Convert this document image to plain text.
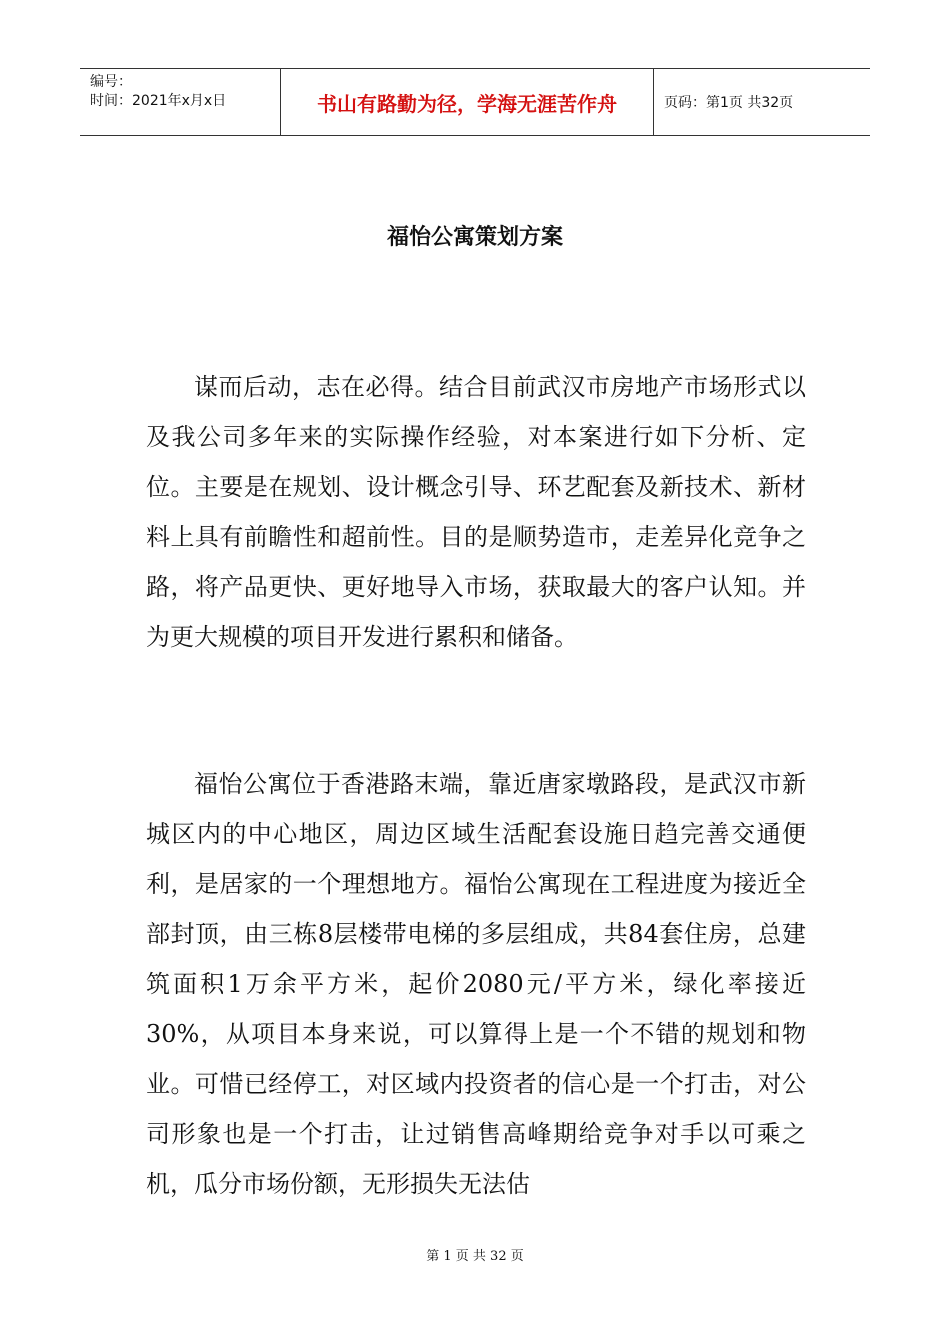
编号：
时间：2021年x月x日	书山有路勤为径，学海无涯苦作舟	页码：第1页 共32页
福怡公寓策划方案

谋而后动，志在必得。结合目前武汉市房地产市场形式以及我公司多年来的实际操作经验，对本案进行如下分析、定位。主要是在规划、设计概念引导、环艺配套及新技术、新材料上具有前瞻性和超前性。目的是顺势造市，走差异化竞争之路，将产品更快、更好地导入市场，获取最大的客户认知。并为更大规模的项目开发进行累积和储备。

福怡公寓位于香港路末端，靠近唐家墩路段，是武汉市新城区内的中心地区，周边区域生活配套设施日趋完善交通便利，是居家的一个理想地方。福怡公寓现在工程进度为接近全部封顶，由三栋8层楼带电梯的多层组成，共84套住房，总建筑面积1万余平方米，起价2080元/平方米，绿化率接近30%，从项目本身来说，可以算得上是一个不错的规划和物业。可惜已经停工，对区域内投资者的信心是一个打击，对公司形象也是一个打击，让过销售高峰期给竞争对手以可乘之机，瓜分市场份额，无形损失无法估

第 1 页 共 32 页
